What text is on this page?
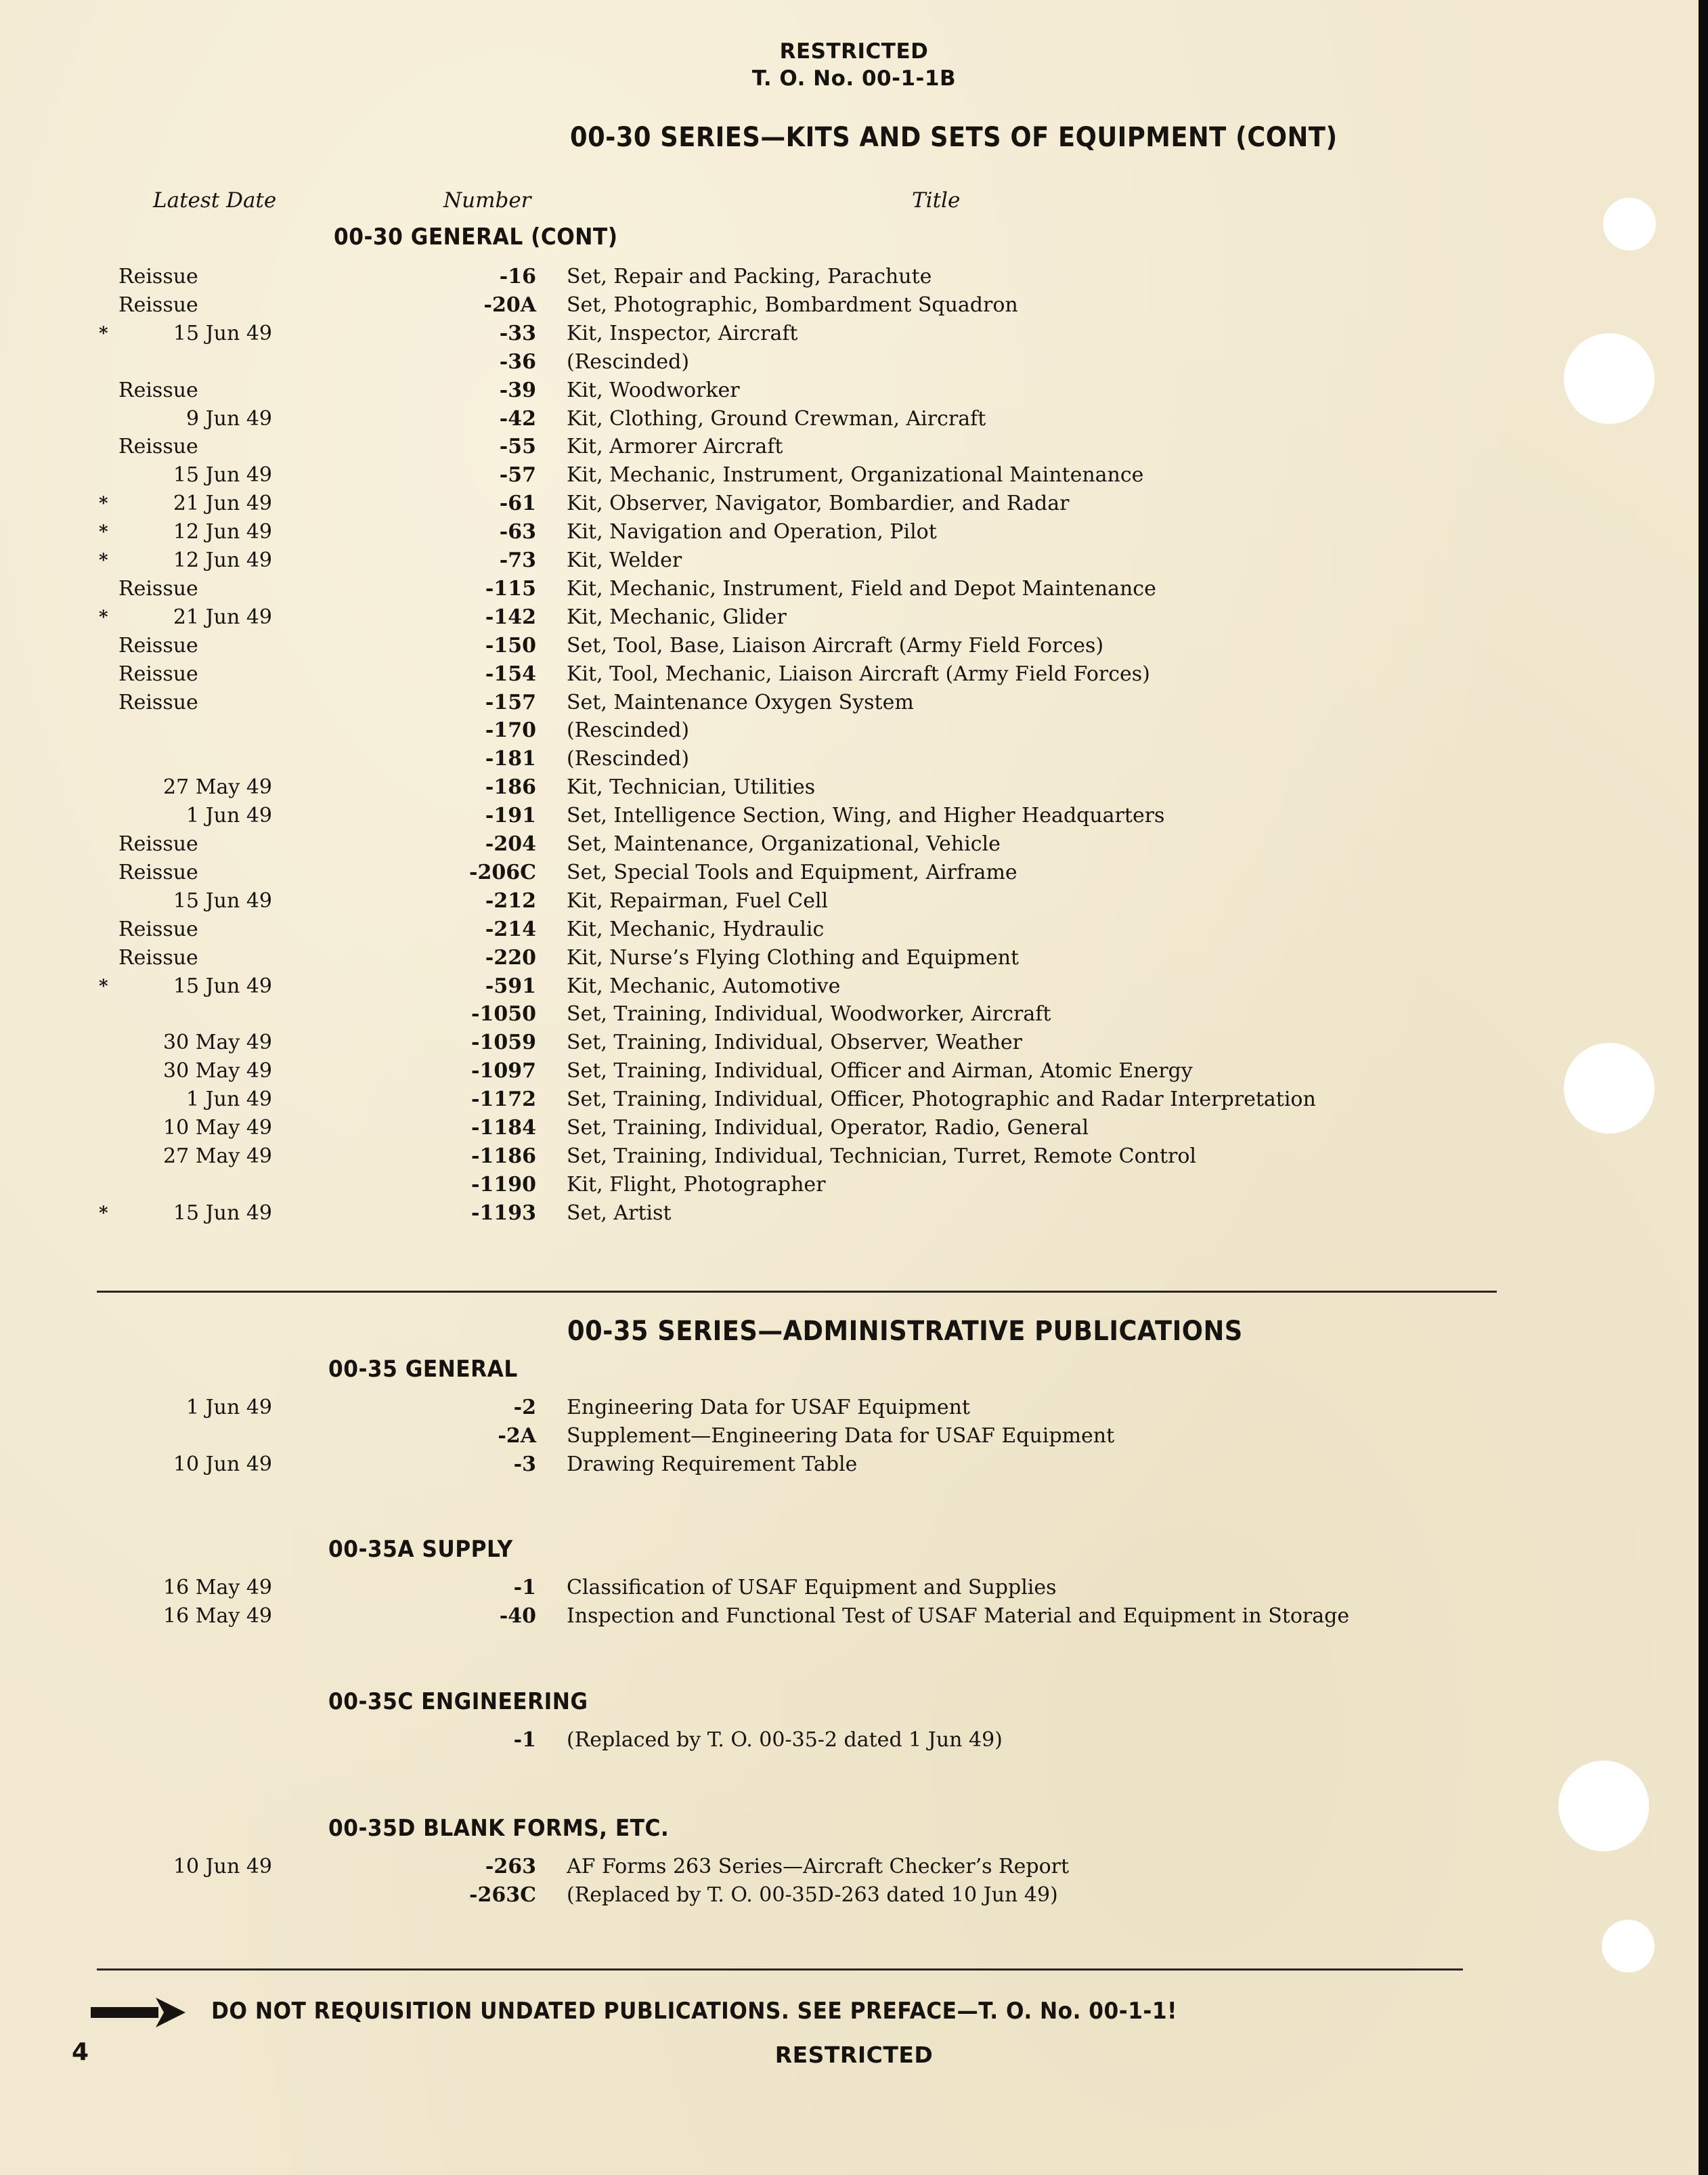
RESTRICTED
T. O. No. 00-1-1B
00-30 SERIES—KITS AND SETS OF EQUIPMENT (CONT)
Latest Date	Number	Title
00-30 GENERAL (CONT)
Reissue	-16 Set, Repair and Packing, Parachute
Reissue	-20A Set, Photographic, Bombardment Squadron
*	15 Jun 49	-33 Kit, Inspector, Aircraft
-36 (Rescinded)
Reissue	-39 Kit, Woodworker
9 Jun 49	-42 Kit, Clothing, Ground Crewman, Aircraft
Reissue	-55 Kit, Armorer Aircraft
15 Jun 49	-57 Kit, Mechanic, Instrument, Organizational Maintenance
*	21 Jun 49	-61 Kit, Observer, Navigator, Bombardier, and Radar
*	12 Jun 49	-63 Kit, Navigation and Operation, Pilot
*	12 Jun 49	-73 Kit, Welder
Reissue	-115 Kit, Mechanic, Instrument, Field and Depot Maintenance
*	21 Jun 49	-142 Kit, Mechanic, Glider
Reissue	-150 Set, Tool, Base, Liaison Aircraft (Army Field Forces)
Reissue	-154 Kit, Tool, Mechanic, Liaison Aircraft (Army Field Forces)
Reissue	-157 Set, Maintenance Oxygen System
-170 (Rescinded)
-181 (Rescinded)
27 May 49	-186 Kit, Technician, Utilities
1 Jun 49	-191 Set, Intelligence Section, Wing, and Higher Headquarters
Reissue	-204 Set, Maintenance, Organizational, Vehicle
Reissue	-206C Set, Special Tools and Equipment, Airframe
15 Jun 49	-212 Kit, Repairman, Fuel Cell
Reissue	-214 Kit, Mechanic, Hydraulic
Reissue	-220 Kit, Nurse’s Flying Clothing and Equipment
*	15 Jun 49	-591 Kit, Mechanic, Automotive
-1050 Set, Training, Individual, Woodworker, Aircraft
30 May 49	-1059 Set, Training, Individual, Observer, Weather
30 May 49	-1097 Set, Training, Individual, Officer and Airman, Atomic Energy
1 Jun 49	-1172 Set, Training, Individual, Officer, Photographic and Radar Interpretation
10 May 49	-1184 Set, Training, Individual, Operator, Radio, General
27 May 49	-1186 Set, Training, Individual, Technician, Turret, Remote Control
-1190 Kit, Flight, Photographer
*	15 Jun 49	-1193 Set, Artist
00-35 SERIES—ADMINISTRATIVE PUBLICATIONS
00-35 GENERAL
00-35A SUPPLY
00-35C ENGINEERING
00-35D BLANK FORMS, ETC.
1 Jun 49	-2 Engineering Data for USAF Equipment
-2A Supplement—Engineering Data for USAF Equipment
10 Jun 49	-3 Drawing Requirement Table
16 May 49	-1 Classification of USAF Equipment and Supplies
16 May 49	-40 Inspection and Functional Test of USAF Material and Equipment in Storage
-1 (Replaced by T. O. 00-35-2 dated 1 Jun 49)
10 Jun 49	-263 AF Forms 263 Series—Aircraft Checker’s Report
-263C (Replaced by T. O. 00-35D-263 dated 10 Jun 49)
DO NOT REQUISITION UNDATED PUBLICATIONS. SEE PREFACE—T. O. No. 00-1-1!
4	RESTRICTED
